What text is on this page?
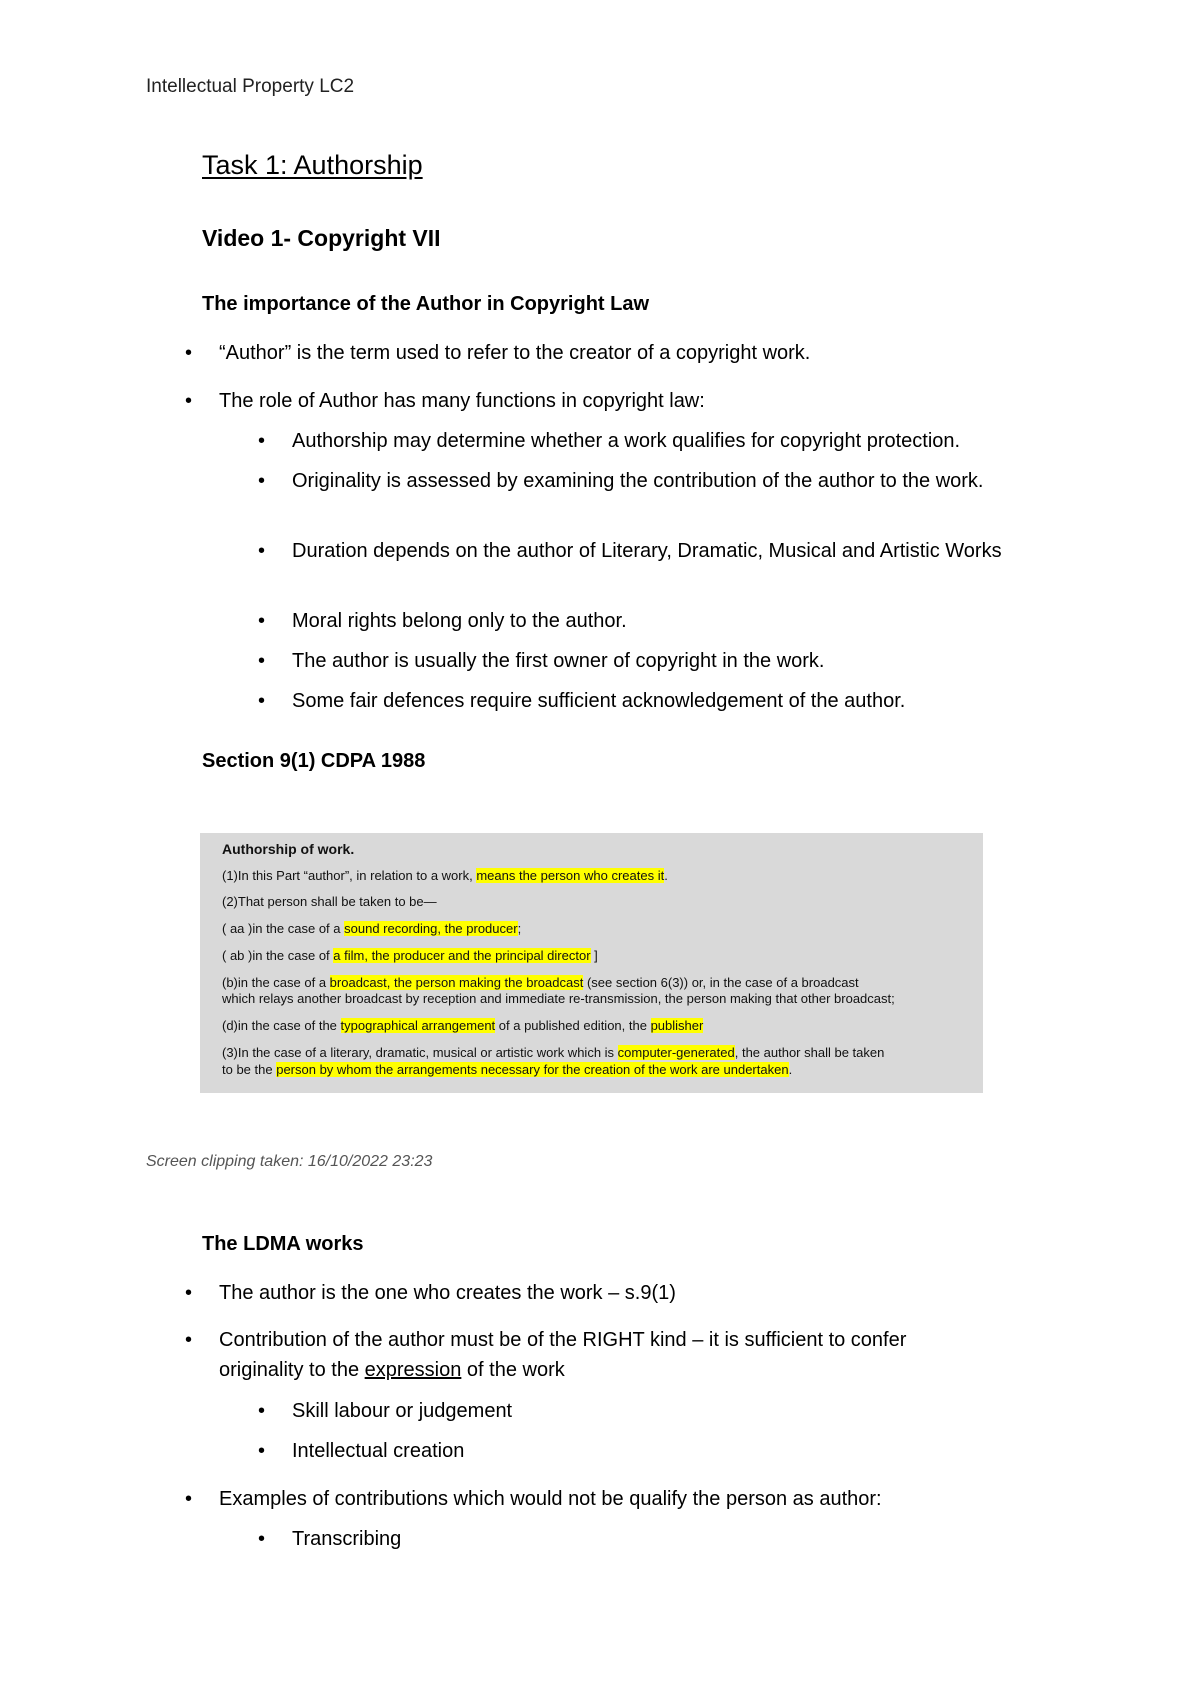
Intellectual Property LC2
Task 1: Authorship
Video 1- Copyright VII
The importance of the Author in Copyright Law
• “Author” is the term used to refer to the creator of a copyright work.
• The role of Author has many functions in copyright law:
• Authorship may determine whether a work qualifies for copyright protection.
• Originality is assessed by examining the contribution of the author to the work.
• Duration depends on the author of Literary, Dramatic, Musical and Artistic Works
• Moral rights belong only to the author.
• The author is usually the first owner of copyright in the work.
• Some fair defences require sufficient acknowledgement of the author.
Section 9(1) CDPA 1988
Authorship of work.
(1)In this Part “author”, in relation to a work, means the person who creates it.
(2)That person shall be taken to be—
( aa )in the case of a sound recording, the producer;
( ab )in the case of a film, the producer and the principal director ]
(b)in the case of a broadcast, the person making the broadcast (see section 6(3)) or, in the case of a broadcast
which relays another broadcast by reception and immediate re-transmission, the person making that other broadcast;
(d)in the case of the typographical arrangement of a published edition, the publisher
(3)In the case of a literary, dramatic, musical or artistic work which is computer-generated, the author shall be taken
to be the person by whom the arrangements necessary for the creation of the work are undertaken.
Screen clipping taken: 16/10/2022 23:23
The LDMA works
• The author is the one who creates the work – s.9(1)
• Contribution of the author must be of the RIGHT kind – it is sufficient to confer
originality to the expression of the work
• Skill labour or judgement
• Intellectual creation
• Examples of contributions which would not be qualify the person as author:
• Transcribing
